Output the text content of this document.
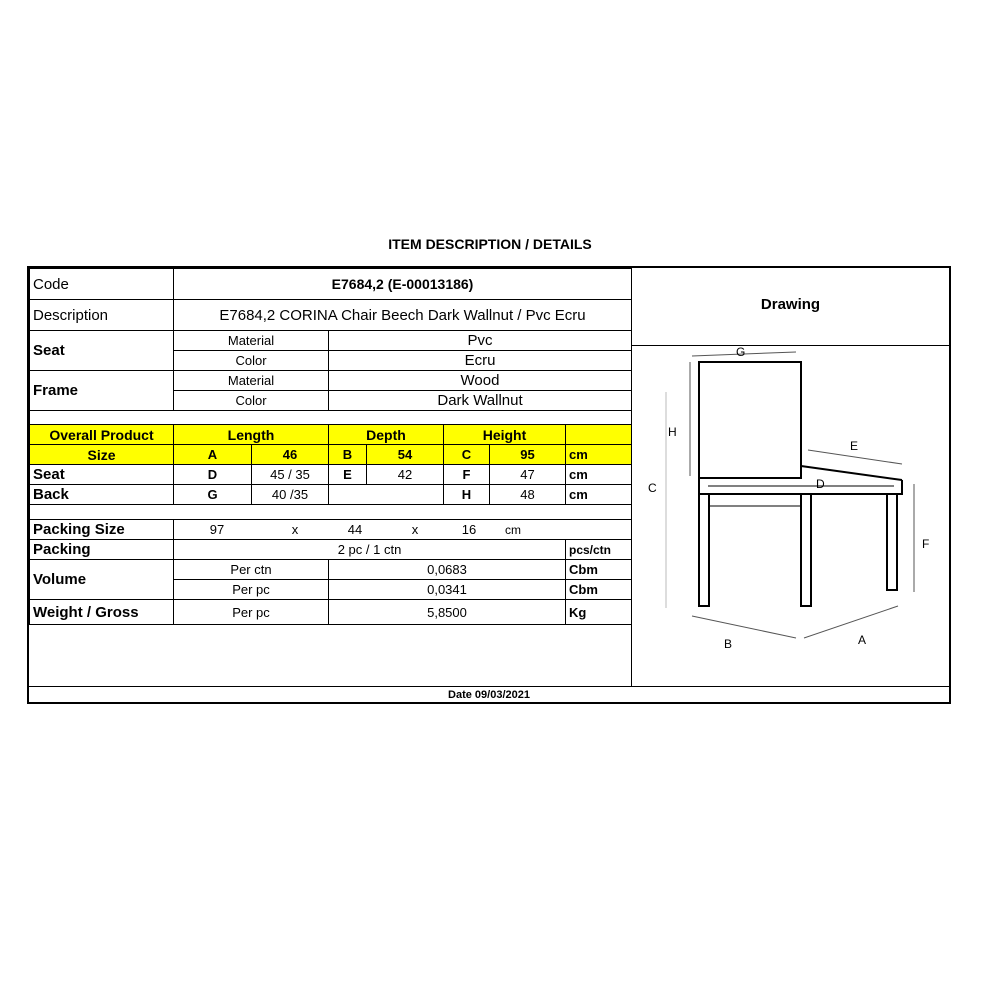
ITEM DESCRIPTION / DETAILS
Code	E7684,2 (E-00013186)						
Description	E7684,2 CORINA Chair Beech Dark Wallnut / Pvc Ecru						
Seat	Material		Pvc				
	Color		Ecru				
Frame	Material		Wood				
	Color		Dark Wallnut				

Overall Product	Length		Depth		Height		
Size	A	46	B	54	C	95	cm
Seat	D	45 / 35	E	42	F	47	cm
Back	G	40 /35			H	48	cm

Packing Size	97 x 44 x 16 cm						
Packing	2 pc / 1 ctn						pcs/ctn
Volume	Per ctn		0,0683				Cbm
	Per pc		0,0341				Cbm
Weight / Gross	Per pc		5,8500				Kg
Drawing
G
H
C
E
D
F
B	A
Date 09/03/2021
